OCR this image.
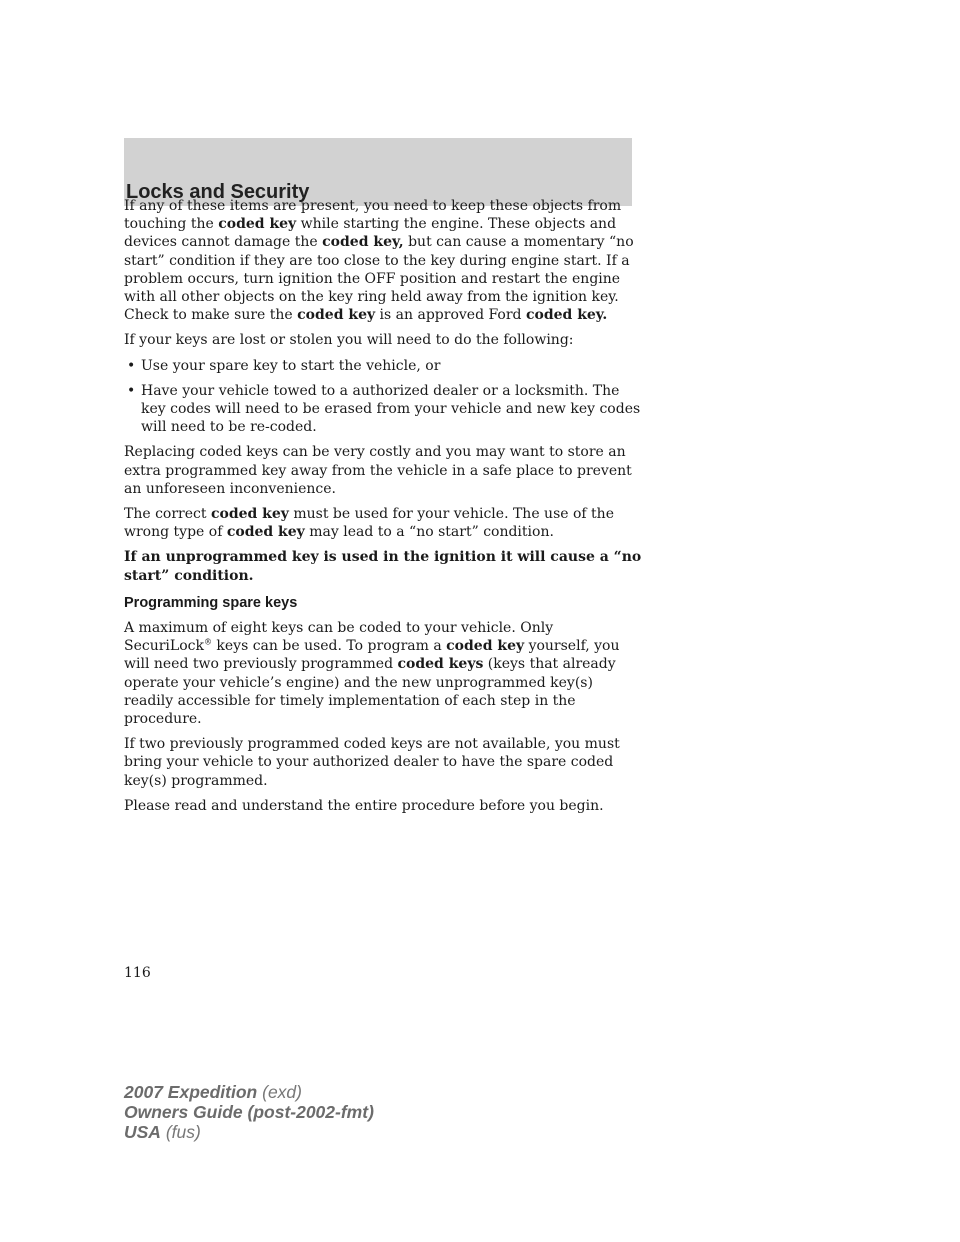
Locks and Security

If any of these items are present, you need to keep these objects from touching the coded key while starting the engine. These objects and devices cannot damage the coded key, but can cause a momentary “no start” condition if they are too close to the key during engine start. If a problem occurs, turn ignition the OFF position and restart the engine with all other objects on the key ring held away from the ignition key. Check to make sure the coded key is an approved Ford coded key.

If your keys are lost or stolen you will need to do the following:

• Use your spare key to start the vehicle, or
• Have your vehicle towed to a authorized dealer or a locksmith. The key codes will need to be erased from your vehicle and new key codes will need to be re-coded.

Replacing coded keys can be very costly and you may want to store an extra programmed key away from the vehicle in a safe place to prevent an unforeseen inconvenience.

The correct coded key must be used for your vehicle. The use of the wrong type of coded key may lead to a “no start” condition.

If an unprogrammed key is used in the ignition it will cause a “no start” condition.

Programming spare keys

A maximum of eight keys can be coded to your vehicle. Only SecuriLock® keys can be used. To program a coded key yourself, you will need two previously programmed coded keys (keys that already operate your vehicle’s engine) and the new unprogrammed key(s) readily accessible for timely implementation of each step in the procedure.

If two previously programmed coded keys are not available, you must bring your vehicle to your authorized dealer to have the spare coded key(s) programmed.

Please read and understand the entire procedure before you begin.

116
2007 Expedition (exd)
Owners Guide (post-2002-fmt)
USA (fus)
